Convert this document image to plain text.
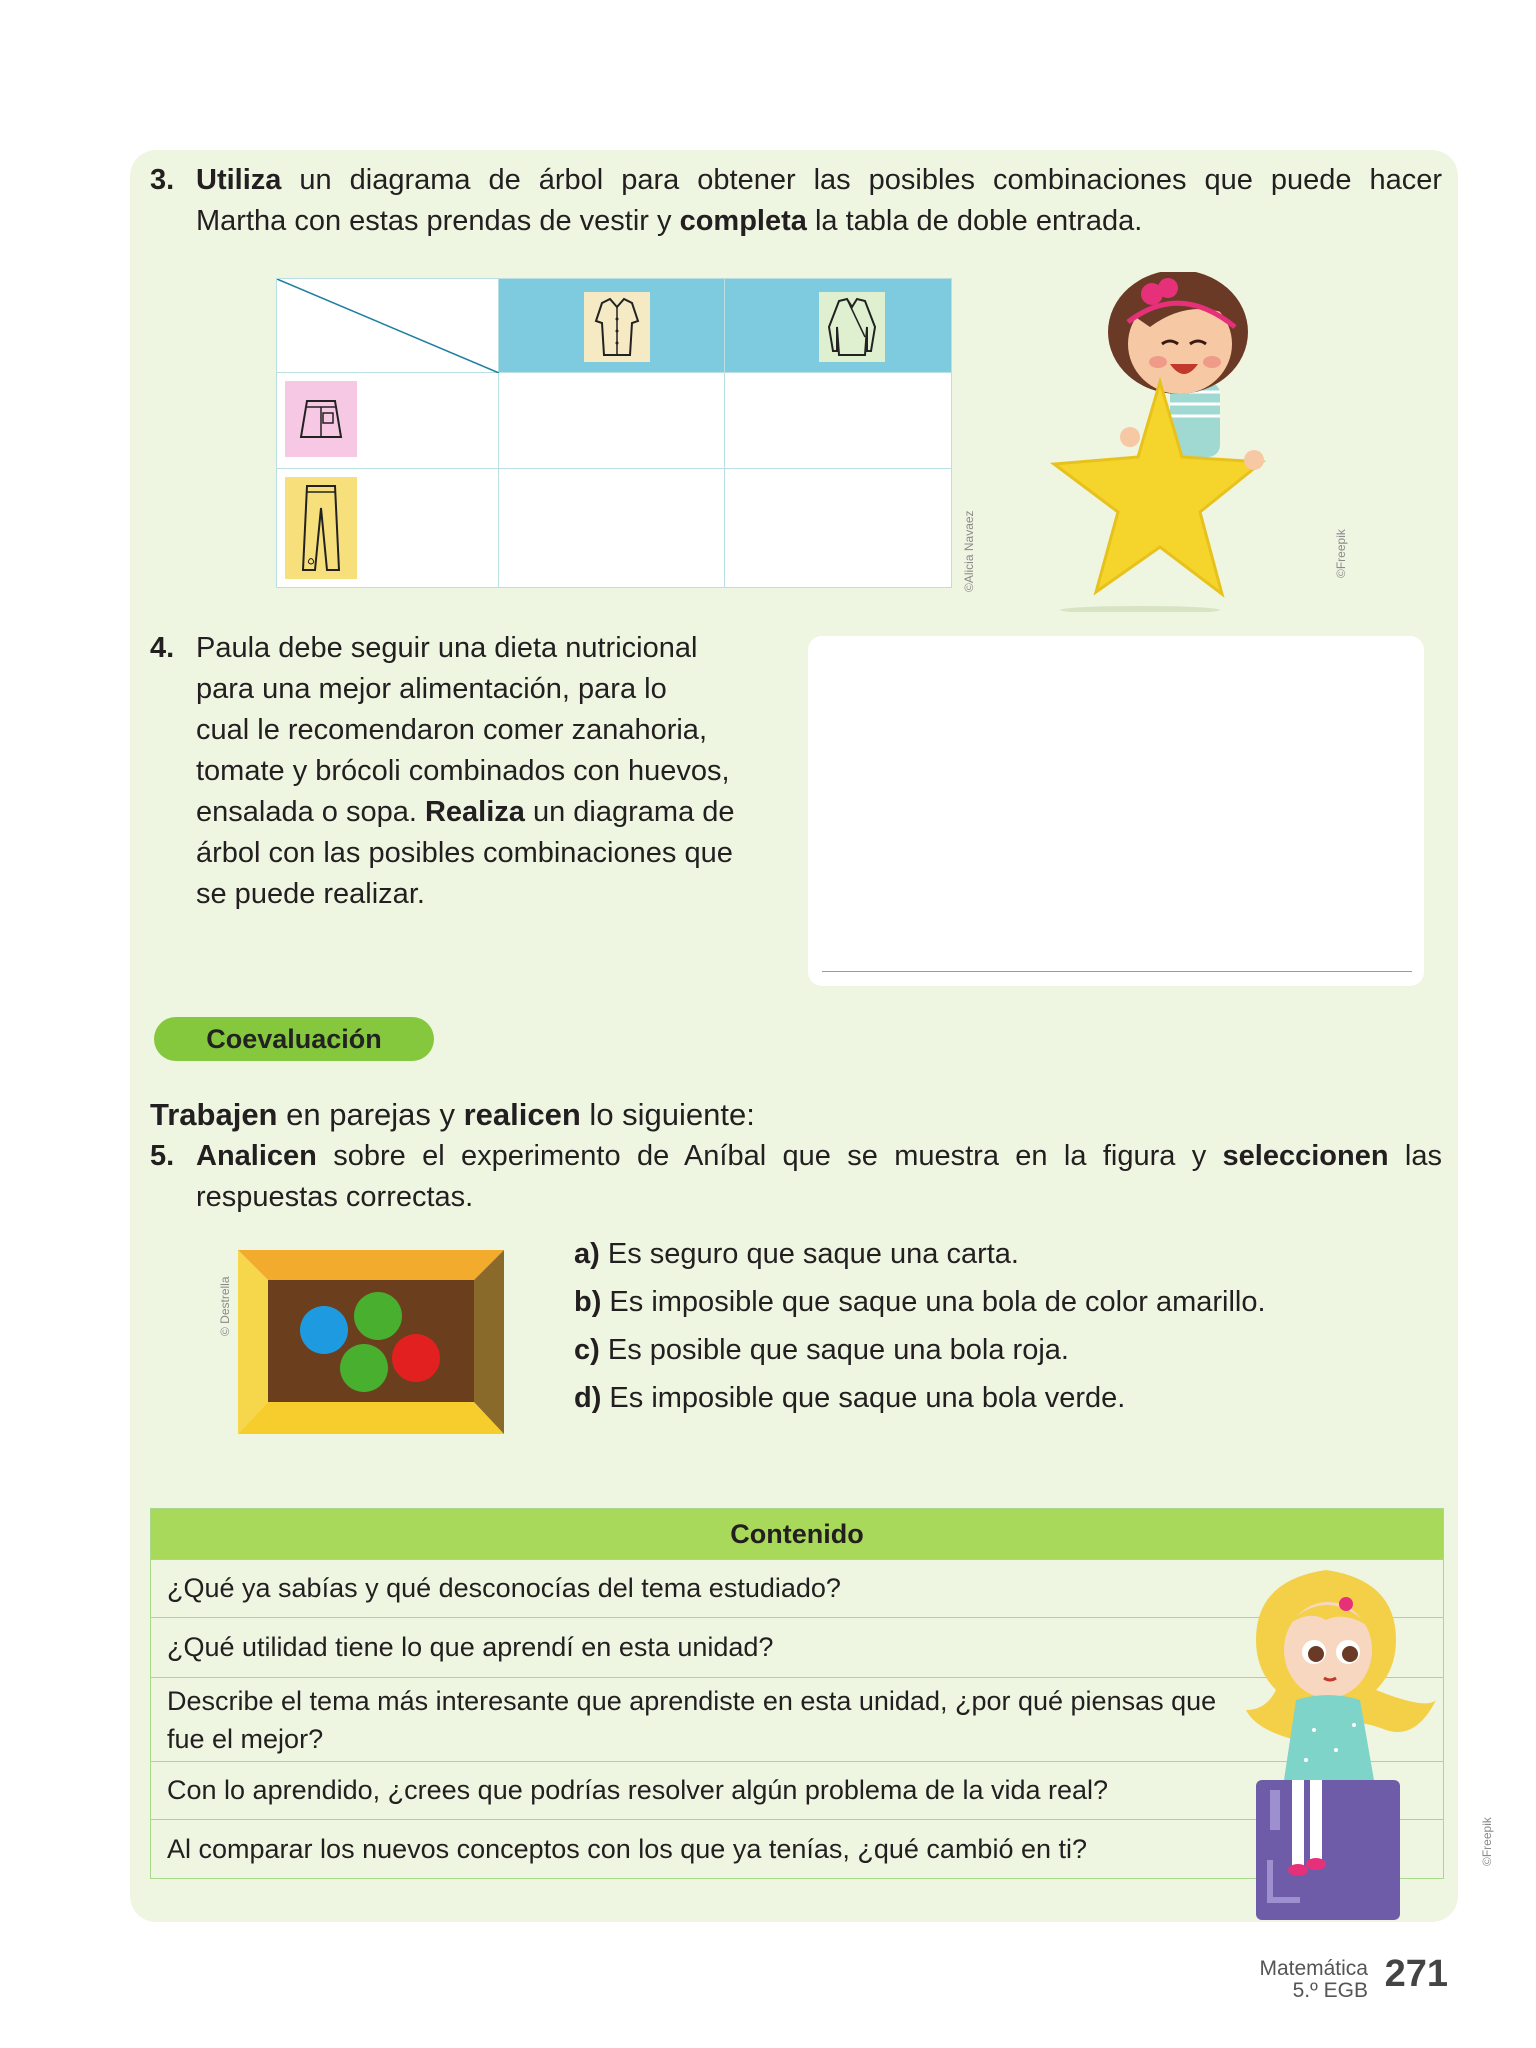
3. Utiliza un diagrama de árbol para obtener las posibles combinaciones que puede hacer
Martha con estas prendas de vestir y completa la tabla de doble entrada.
©Alicia Navaez	©Freepik
4. Paula debe seguir una dieta nutricional
para una mejor alimentación, para lo
cual le recomendaron comer zanahoria,
tomate y brócoli combinados con huevos,
ensalada o sopa. Realiza un diagrama de
árbol con las posibles combinaciones que
se puede realizar.
Coevaluación
Trabajen en parejas y realicen lo siguiente:
5. Analicen sobre el experimento de Aníbal que se muestra en la figura y seleccionen las
respuestas correctas.
© Destrella
a) Es seguro que saque una carta.
b) Es imposible que saque una bola de color amarillo.
c) Es posible que saque una bola roja.
d) Es imposible que saque una bola verde.
Contenido
¿Qué ya sabías y qué desconocías del tema estudiado?
¿Qué utilidad tiene lo que aprendí en esta unidad?
Describe el tema más interesante que aprendiste en esta unidad, ¿por qué piensas que fue el mejor?
Con lo aprendido, ¿crees que podrías resolver algún problema de la vida real?
Al comparar los nuevos conceptos con los que ya tenías, ¿qué cambió en ti?	©Freepik
Matemática
5.º EGB 271
